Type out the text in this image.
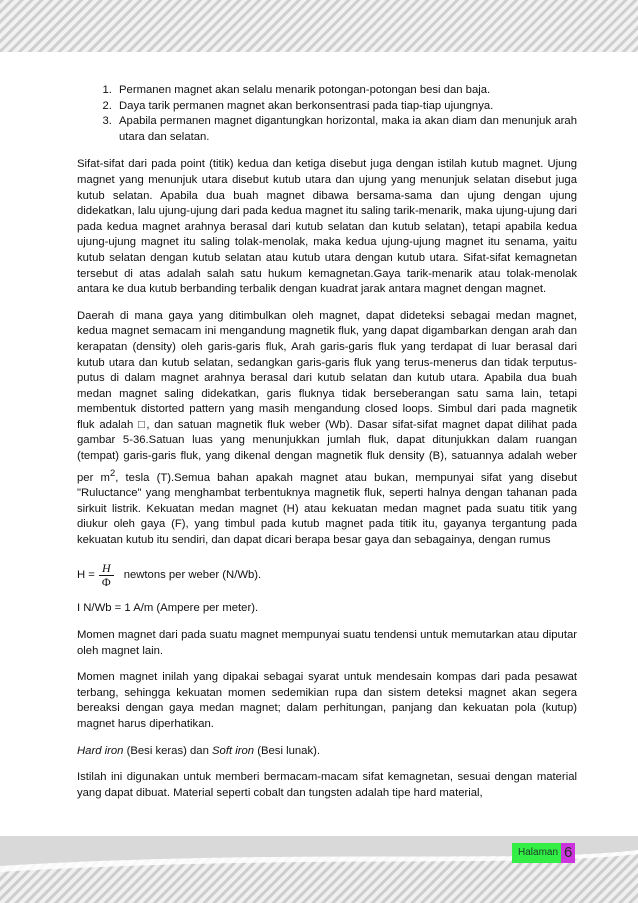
1. Permanen magnet akan selalu menarik potongan-potongan besi dan baja.
2. Daya tarik permanen magnet akan berkonsentrasi pada tiap-tiap ujungnya.
3. Apabila permanen magnet digantungkan horizontal, maka ia akan diam dan menunjuk arah utara dan selatan.

Sifat-sifat dari pada point (titik) kedua dan ketiga disebut juga dengan istilah kutub magnet. Ujung magnet yang menunjuk utara disebut kutub utara dan ujung yang menunjuk selatan disebut juga kutub selatan. Apabila dua buah magnet dibawa bersama-sama dan ujung dengan ujung didekatkan, lalu ujung-ujung dari pada kedua magnet itu saling tarik-menarik, maka ujung-ujung dari pada kedua magnet arahnya berasal dari kutub selatan dan kutub selatan), tetapi apabila kedua ujung-ujung magnet itu saling tolak-menolak, maka kedua ujung-ujung magnet itu senama, yaitu kutub selatan dengan kutub selatan atau kutub utara dengan kutub utara. Sifat-sifat kemagnetan tersebut di atas adalah salah satu hukum kemagnetan.Gaya tarik-menarik atau tolak-menolak antara ke dua kutub berbanding terbalik dengan kuadrat jarak antara magnet dengan magnet.

Daerah di mana gaya yang ditimbulkan oleh magnet, dapat dideteksi sebagai medan magnet, kedua magnet semacam ini mengandung magnetik fluk, yang dapat digambarkan dengan arah dan kerapatan (density) oleh garis-garis fluk, Arah garis-garis fluk yang terdapat di luar berasal dari kutub utara dan kutub selatan, sedangkan garis-garis fluk yang terus-menerus dan tidak terputus-putus di dalam magnet arahnya berasal dari kutub selatan dan kutub utara. Apabila dua buah medan magnet saling didekatkan, garis fluknya tidak berseberangan satu sama lain, tetapi membentuk distorted pattern yang masih mengandung closed loops. Simbul dari pada magnetik fluk adalah □, dan satuan magnetik fluk weber (Wb). Dasar sifat-sifat magnet dapat dilihat pada gambar 5-36.Satuan luas yang menunjukkan jumlah fluk, dapat ditunjukkan dalam ruangan (tempat) garis-garis fluk, yang dikenal dengan magnetik fluk density (B), satuannya adalah weber per $m^2$, tesla (T).Semua bahan apakah magnet atau bukan, mempunyai sifat yang disebut "Ruluctance" yang menghambat terbentuknya magnetik fluk, seperti halnya dengan tahanan pada sirkuit listrik. Kekuatan medan magnet (H) atau kekuatan medan magnet pada suatu titik yang diukur oleh gaya (F), yang timbul pada kutub magnet pada titik itu, gayanya tergantung pada kekuatan kutub itu sendiri, dan dapat dicari berapa besar gaya dan sebagainya, dengan rumus

$H = \frac{H}{\Phi}$ newtons per weber (N/Wb).

I N/Wb = 1 A/m (Ampere per meter).

Momen magnet dari pada suatu magnet mempunyai suatu tendensi untuk memutarkan atau diputar oleh magnet lain.

Momen magnet inilah yang dipakai sebagai syarat untuk mendesain kompas dari pada pesawat terbang, sehingga kekuatan momen sedemikian rupa dan sistem deteksi magnet akan segera bereaksi dengan gaya medan magnet; dalam perhitungan, panjang dan kekuatan pola (kutup) magnet harus diperhatikan.

Hard iron (Besi keras) dan Soft iron (Besi lunak).

Istilah ini digunakan untuk memberi bermacam-macam sifat kemagnetan, sesuai dengan material yang dapat dibuat. Material seperti cobalt dan tungsten adalah tipe hard material,

Halaman 6
